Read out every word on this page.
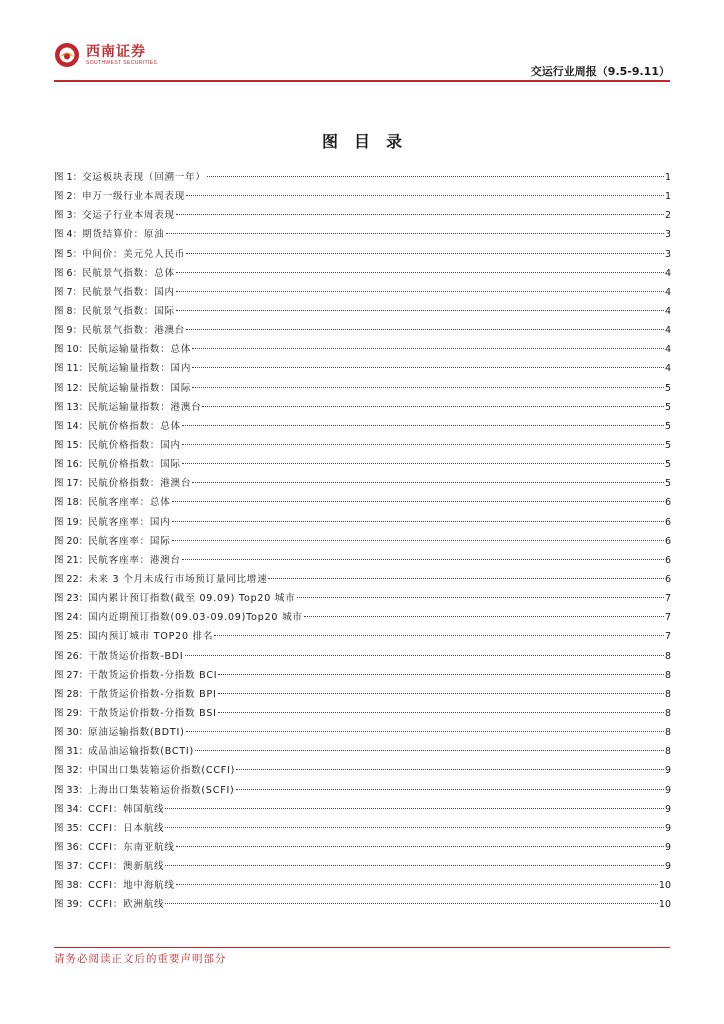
西南证券
SOUTHWEST SECURITIES
交运行业周报（9.5-9.11）
图目录
图 1 ： 交运板块表现（回溯一年）	1
图 2 ： 申万一级行业本周表现	1
图 3 ： 交运子行业本周表现	2
图 4 ： 期货结算价：原油	3
图 5 ： 中间价：美元兑人民币	3
图 6 ： 民航景气指数：总体	4
图 7 ： 民航景气指数：国内	4
图 8 ： 民航景气指数：国际	4
图 9 ： 民航景气指数：港澳台	4
图 10 ： 民航运输量指数：总体	4
图 11 ： 民航运输量指数：国内	4
图 12 ： 民航运输量指数：国际	5
图 13 ： 民航运输量指数：港澳台	5
图 14 ： 民航价格指数：总体	5
图 15 ： 民航价格指数：国内	5
图 16 ： 民航价格指数：国际	5
图 17 ： 民航价格指数：港澳台	5
图 18 ： 民航客座率：总体	6
图 19 ： 民航客座率：国内	6
图 20 ： 民航客座率：国际	6
图 21 ： 民航客座率：港澳台	6
图 22 ： 未来 3 个月未成行市场预订量同比增速	6
图 23 ： 国内累计预订指数(截至 09.09) Top20 城市	7
图 24 ： 国内近期预订指数(09.03-09.09)Top20 城市	7
图 25 ： 国内预订城市 TOP20 排名	7
图 26 ： 干散货运价指数-BDI	8
图 27 ： 干散货运价指数-分指数 BCI	8
图 28 ： 干散货运价指数-分指数 BPI	8
图 29 ： 干散货运价指数-分指数 BSI	8
图 30 ： 原油运输指数(BDTI)	8
图 31 ： 成品油运输指数(BCTI)	8
图 32 ： 中国出口集装箱运价指数(CCFI)	9
图 33 ： 上海出口集装箱运价指数(SCFI)	9
图 34 ： CCFI：韩国航线	9
图 35 ： CCFI：日本航线	9
图 36 ： CCFI：东南亚航线	9
图 37 ： CCFI：澳新航线	9
图 38 ： CCFI：地中海航线	10
图 39 ： CCFI：欧洲航线	10
请务必阅读正文后的重要声明部分
